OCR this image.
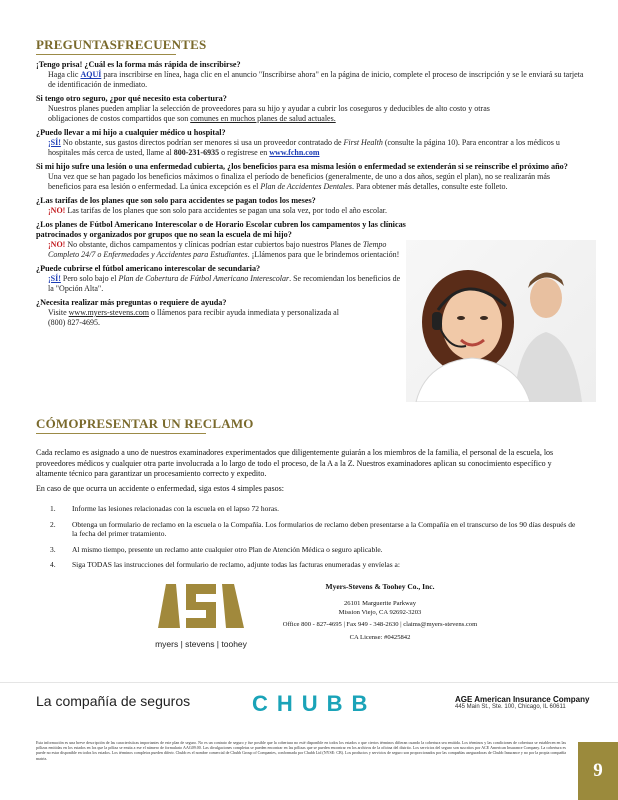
PREGUNTASFRECUENTES
¡Tengo prisa! ¿Cuál es la forma más rápida de inscribirse?
Haga clic AQUÍ para inscribirse en línea, haga clic en el anuncio "Inscribirse ahora" en la página de inicio, complete el proceso de inscripción y se le enviará su tarjeta de identificación de inmediato.
Si tengo otro seguro, ¿por qué necesito esta cobertura?
Nuestros planes pueden ampliar la selección de proveedores para su hijo y ayudar a cubrir los coseguros y deducibles de alto costo y otras
obligaciones de costos compartidos que son comunes en muchos planes de salud actuales.
¿Puedo llevar a mi hijo a cualquier médico u hospital?
¡SÍ! No obstante, sus gastos directos podrían ser menores si usa un proveedor contratado de First Health (consulte la página 10). Para encontrar a los médicos u hospitales más cerca de usted, llame al 800-231-6935 o regístrese en www.fchn.com
Si mi hijo sufre una lesión o una enfermedad cubierta, ¿los beneficios para esa misma lesión o enfermedad se extenderán si se reinscribe el próximo año?
Una vez que se han pagado los beneficios máximos o finaliza el período de beneficios (generalmente, de uno a dos años, según el plan), no se realizarán más beneficios para esa lesión o enfermedad. La única excepción es el Plan de Accidentes Dentales. Para obtener más detalles, consulte este folleto.
¿Las tarifas de los planes que son solo para accidentes se pagan todos los meses?
¡NO! Las tarifas de los planes que son solo para accidentes se pagan una sola vez, por todo el año escolar.
¿Los planes de Fútbol Americano Interescolar o de Horario Escolar cubren los campamentos y las clínicas patrocinados y organizados por grupos que no sean la escuela de mi hijo?
¡NO! No obstante, dichos campamentos y clínicas podrían estar cubiertos bajo nuestros Planes de Tiempo Completo 24/7 o Enfermedades y Accidentes para Estudiantes. ¡Llámenos para que le brindemos orientación!
¿Puede cubrirse el fútbol americano interescolar de secundaria?
¡SÍ! Pero solo bajo el Plan de Cobertura de Fútbol Americano Interescolar. Se recomiendan los beneficios de la "Opción Alta".
¿Necesita realizar más preguntas o requiere de ayuda?
Visite www.myers-stevens.com o llámenos para recibir ayuda inmediata y personalizada al
(800) 827-4695.
CÓMOPRESENTAR UN RECLAMO
Cada reclamo es asignado a uno de nuestros examinadores experimentados que diligentemente guiarán a los miembros de la familia, el personal de la escuela, los proveedores médicos y cualquier otra parte involucrada a lo largo de todo el proceso, de la A a la Z. Nuestros examinadores aplican su conocimiento específico y altamente técnico para garantizar un procesamiento correcto y expedito.
En caso de que ocurra un accidente o enfermedad, siga estos 4 simples pasos:
1.	Informe las lesiones relacionadas con la escuela en el lapso 72 horas.
2.	Obtenga un formulario de reclamo en la escuela o la Compañía. Los formularios de reclamo deben presentarse a la Compañía en el transcurso de los 90 días después de la fecha del primer tratamiento.
3.	Al mismo tiempo, presente un reclamo ante cualquier otro Plan de Atención Médica o seguro aplicable.
4.	Siga TODAS las instrucciones del formulario de reclamo, adjunte todas las facturas enumeradas y envíelas a:
myers | stevens | toohey
Myers-Stevens & Toohey Co., Inc.
26101 Marguerite Parkway
Mission Viejo, CA 92692-3203
Office 800 - 827-4695 | Fax 949 - 348-2630 | claims@myers-stevens.com
CA License: #0425842
La compañía de seguros	CHUBB	AGE American Insurance Company
445 Main St., Ste. 100, Chicago, IL 60611
Esta información es una breve descripción de las características importantes de este plan de seguro. No es un contrato de seguro y fue posible que la cobertura no esté disponible en todos los estados o que ciertos términos difieran cuando la cobertura sea emitida. Los términos y las condiciones de cobertura se establecen en las pólizas emitidas en los estados en los que la póliza se emita a ese el número de formulario AAG09.00. Las divulgaciones completas se pueden encontrar en las pólizas que se pueden encontrar en los archivos de la oficina del distrito. Los servicios del seguro son suscritos por ACE American Insurance Company. La cobertura es puede no estar disponible en todos los estados. Los términos completos pueden diferir. Chubb es el nombre comercial de Chubb Group of Companies, conformada por Chubb Ltd (NYSE: CB). Los productos y servicios de seguro son proporcionados por las compañías aseguradoras de Chubb Insurance y no por la propia compañía matriz.
9
